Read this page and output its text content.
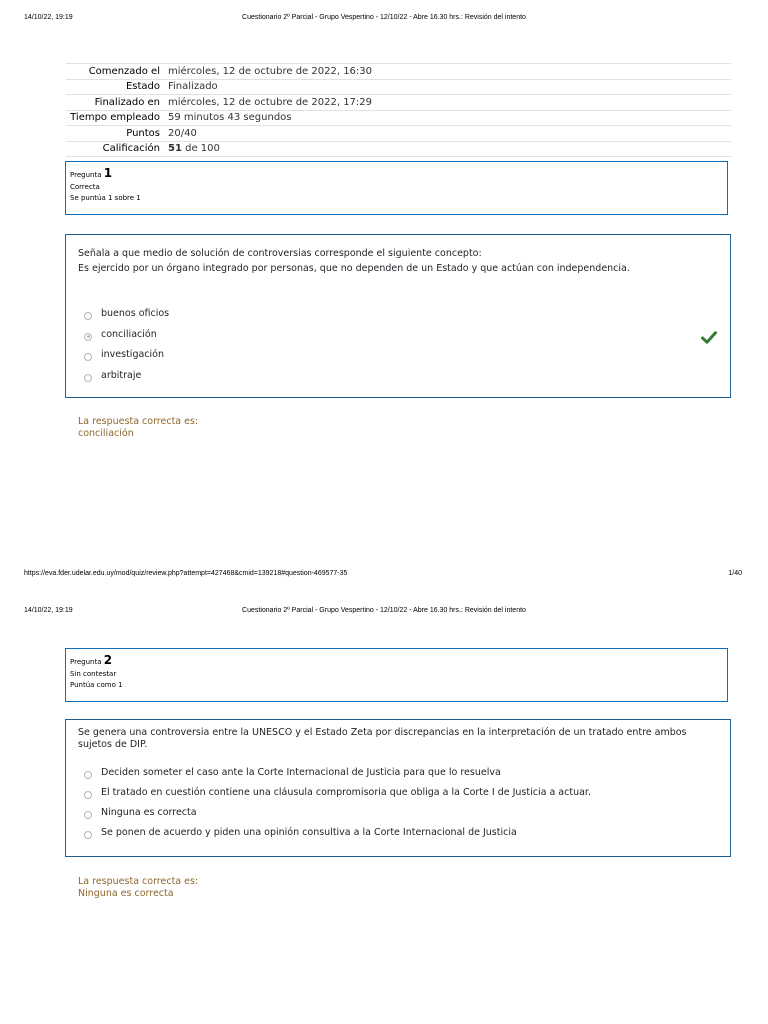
14/10/22, 19:19	Cuestionario 2º Parcial - Grupo Vespertino - 12/10/22 - Abre 16.30 hrs.: Revisión del intento
Comenzado el	miércoles, 12 de octubre de 2022, 16:30
Estado	Finalizado
Finalizado en	miércoles, 12 de octubre de 2022, 17:29
Tiempo empleado	59 minutos 43 segundos
Puntos	20/40
Calificación	51 de 100
Pregunta 1
Correcta
Se puntúa 1 sobre 1
Señala a que medio de solución de controversias corresponde el siguiente concepto:
Es ejercido por un órgano integrado por personas, que no dependen de un Estado y que actúan con independencia.
buenos oficios
conciliación
investigación
arbitraje
La respuesta correcta es:
conciliación
https://eva.fder.udelar.edu.uy/mod/quiz/review.php?attempt=427468&cmid=139218#question-469577-35	1/40
14/10/22, 19:19	Cuestionario 2º Parcial - Grupo Vespertino - 12/10/22 - Abre 16.30 hrs.: Revisión del intento
Pregunta 2
Sin contestar
Puntúa como 1
Se genera una controversia entre la UNESCO y el Estado Zeta por discrepancias en la interpretación de un tratado entre ambos sujetos de DIP.
Deciden someter el caso ante la Corte Internacional de Justicia para que lo resuelva
El tratado en cuestión contiene una cláusula compromisoria que obliga a la Corte I de Justicia a actuar.
Ninguna es correcta
Se ponen de acuerdo y piden una opinión consultiva a la Corte Internacional de Justicia
La respuesta correcta es:
Ninguna es correcta
